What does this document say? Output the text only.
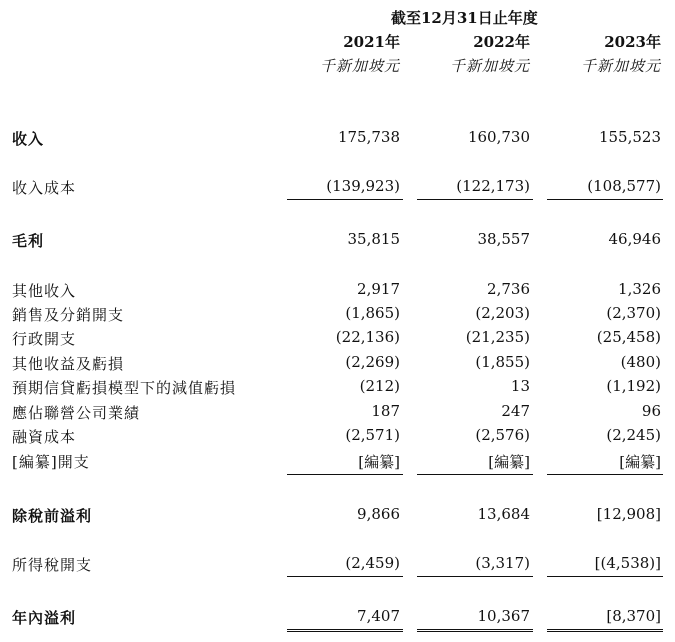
截至12月31日止年度
2021年	2022年	2023年
千新加坡元	千新加坡元	千新加坡元
收入	175,738	160,730	155,523
收入成本	(139,923)	(122,173)	(108,577)
毛利	35,815	38,557	46,946
其他收入	2,917	2,736	1,326
銷售及分銷開支	(1,865)	(2,203)	(2,370)
行政開支	(22,136)	(21,235)	(25,458)
其他收益及虧損	(2,269)	(1,855)	(480)
預期信貸虧損模型下的減值虧損	(212)	13	(1,192)
應佔聯營公司業績	187	247	96
融資成本	(2,571)	(2,576)	(2,245)
[編纂]開支	[編纂]	[編纂]	[編纂]
除稅前溢利	9,866	13,684	[12,908]
所得稅開支	(2,459)	(3,317)	[(4,538)]
年內溢利	7,407	10,367	[8,370]
